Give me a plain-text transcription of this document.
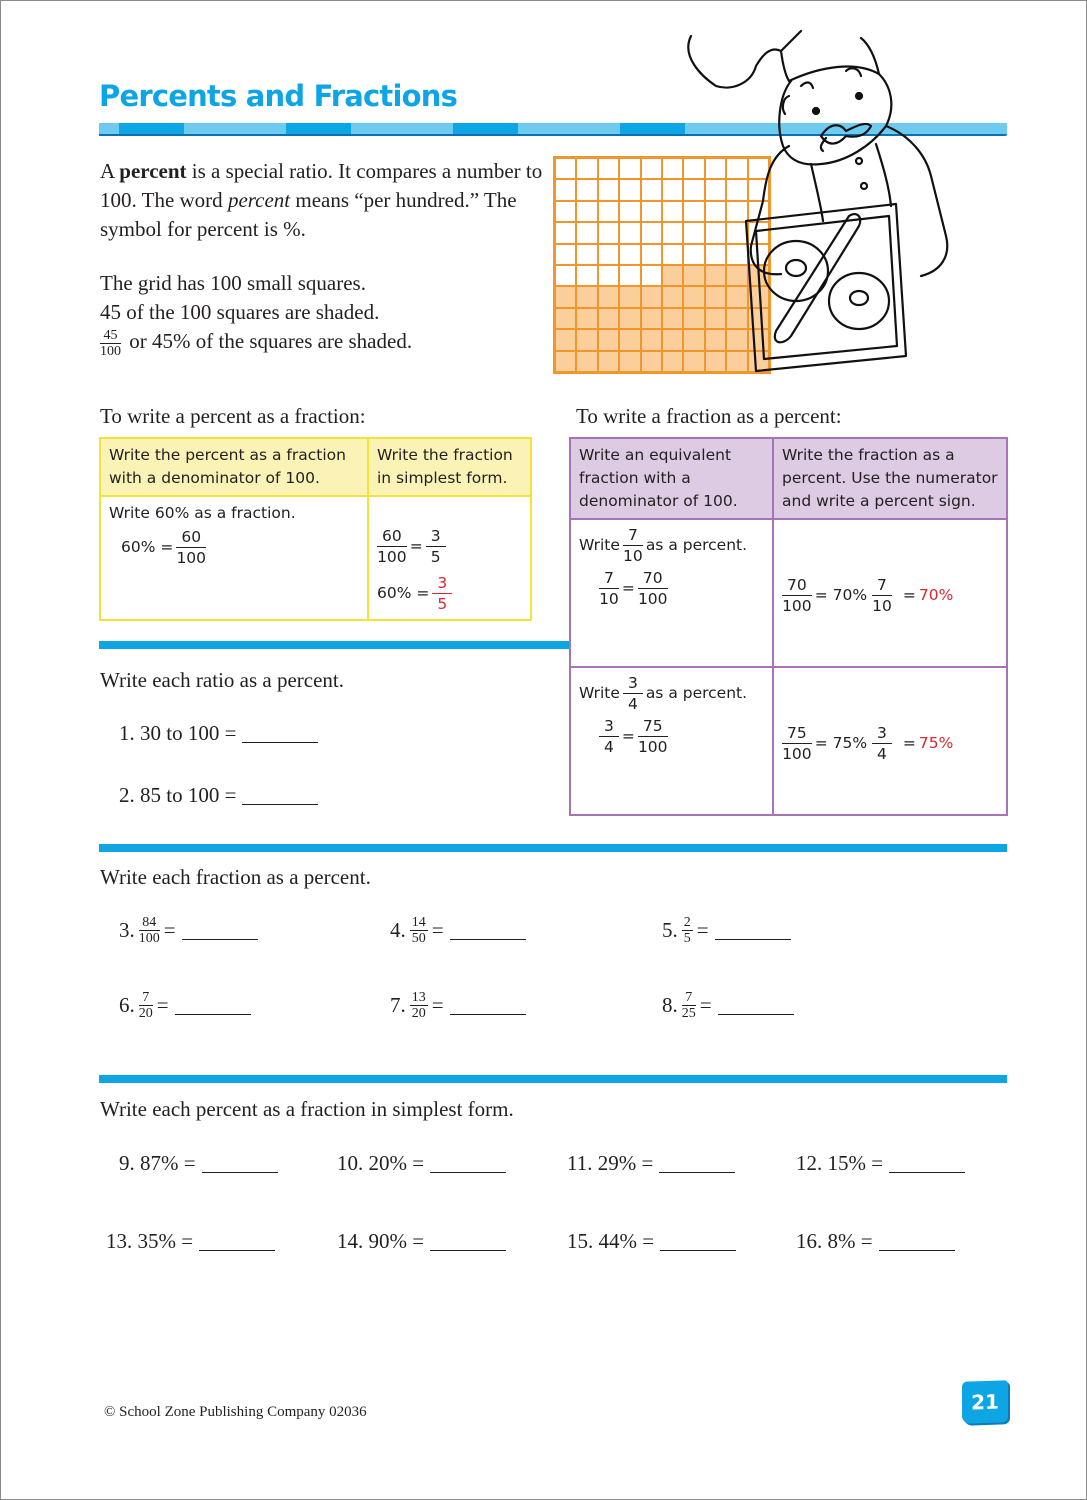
Percents and Fractions

A percent is a special ratio. It compares a number to 100. The word percent means “per hundred.” The symbol for percent is %.

The grid has 100 small squares.

45 of the 100 squares are shaded.

$\frac{45}{100}$ or 45% of the squares are shaded.

To write a percent as a fraction:
Write the percent as a fraction with a denominator of 100.	Write the fraction in simplest form.

Write 60% as a fraction.
$60\% = \frac{60}{100}$	$\frac{60}{100} = \frac{3}{5}$

$60\% = \frac{3}{5}$
To write a fraction as a percent:
Write an equivalent fraction with a denominator of 100.	Write the fraction as a percent. Use the numerator and write a percent sign.

Write
7
10
as a percent.

$\frac{7}{10} = \frac{70}{100}$	$\frac{70}{100} = 70\%$
$\frac{7}{10} = 70\%$

Write
3
4
as a percent.

$\frac{3}{4} = \frac{75}{100}$	$\frac{75}{100} = 75\%$
$\frac{3}{4} = 75\%$
Write each ratio as a percent.
1. 30 to 100 =
2. 85 to 100 =
Write each fraction as a percent.
3. $\frac{84}{100}$ =	4. $\frac{14}{50}$ =	5. $\frac{2}{5}$ =
6. $\frac{7}{20}$ =	7. $\frac{13}{20}$ =	8. $\frac{7}{25}$ =
Write each percent as a fraction in simplest form.
9. 87% =	10. 20% =	11. 29% =	12. 15% =
13. 35% =	14. 90% =	15. 44% =	16. 8% =
© School Zone Publishing Company 02036	21
